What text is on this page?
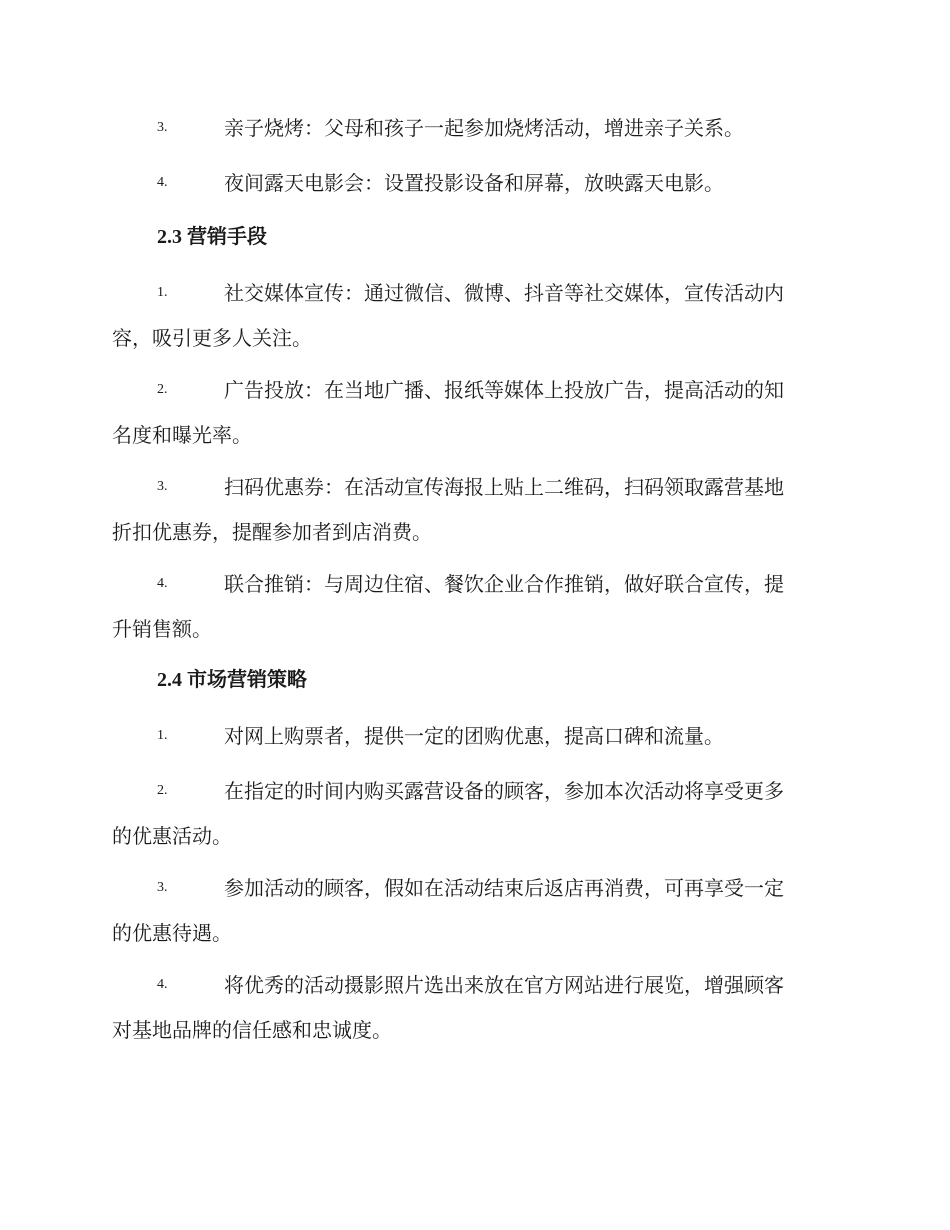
3.	亲子烧烤：父母和孩子一起参加烧烤活动，增进亲子关系。
4.	夜间露天电影会：设置投影设备和屏幕，放映露天电影。
2.3 营销手段
1.	社交媒体宣传：通过微信、微博、抖音等社交媒体，宣传活动内
容，吸引更多人关注。
2.	广告投放：在当地广播、报纸等媒体上投放广告，提高活动的知
名度和曝光率。
3.	扫码优惠券：在活动宣传海报上贴上二维码，扫码领取露营基地
折扣优惠券，提醒参加者到店消费。
4.	联合推销：与周边住宿、餐饮企业合作推销，做好联合宣传，提
升销售额。
2.4 市场营销策略
1.	对网上购票者，提供一定的团购优惠，提高口碑和流量。
2.	在指定的时间内购买露营设备的顾客，参加本次活动将享受更多
的优惠活动。
3.	参加活动的顾客，假如在活动结束后返店再消费，可再享受一定
的优惠待遇。
4.	将优秀的活动摄影照片选出来放在官方网站进行展览，增强顾客
对基地品牌的信任感和忠诚度。
